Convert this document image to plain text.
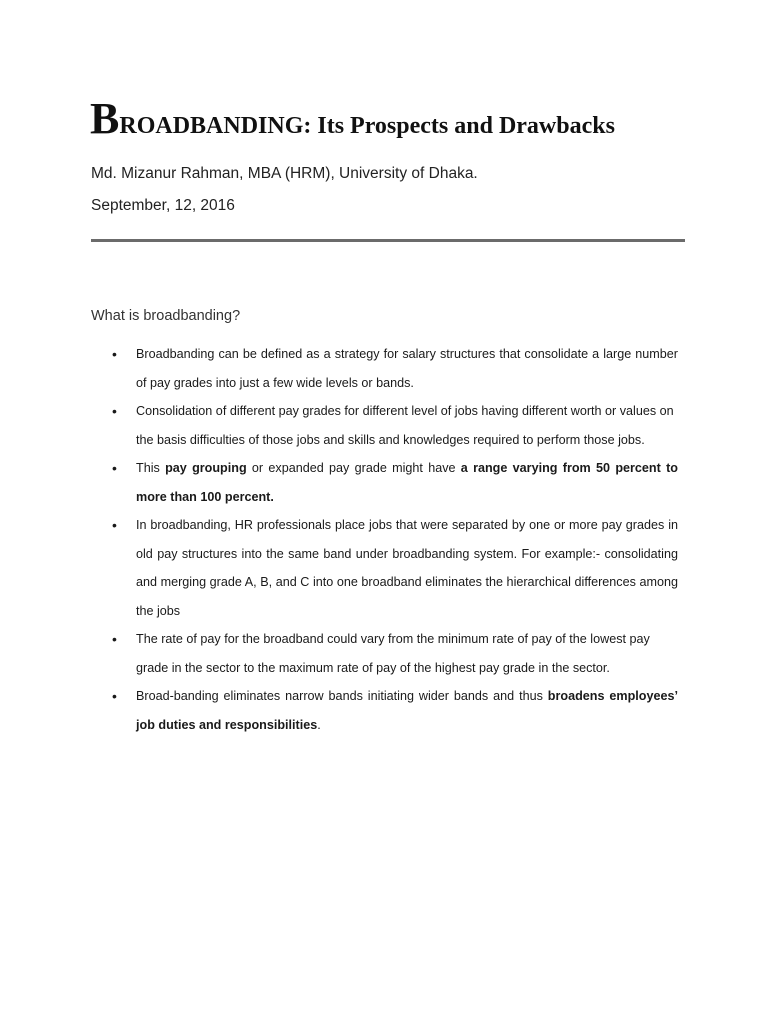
BROADBANDING: Its Prospects and Drawbacks
Md. Mizanur Rahman, MBA (HRM), University of Dhaka.
September, 12, 2016
What is broadbanding?
• Broadbanding can be defined as a strategy for salary structures that consolidate a large number of pay grades into just a few wide levels or bands.
• Consolidation of different pay grades for different level of jobs having different worth or values on the basis difficulties of those jobs and skills and knowledges required to perform those jobs.
• This pay grouping or expanded pay grade might have a range varying from 50 percent to more than 100 percent.
• In broadbanding, HR professionals place jobs that were separated by one or more pay grades in old pay structures into the same band under broadbanding system. For example:- consolidating and merging grade A, B, and C into one broadband eliminates the hierarchical differences among the jobs
• The rate of pay for the broadband could vary from the minimum rate of pay of the lowest pay grade in the sector to the maximum rate of pay of the highest pay grade in the sector.
• Broad-banding eliminates narrow bands initiating wider bands and thus broadens employees’ job duties and responsibilities.
